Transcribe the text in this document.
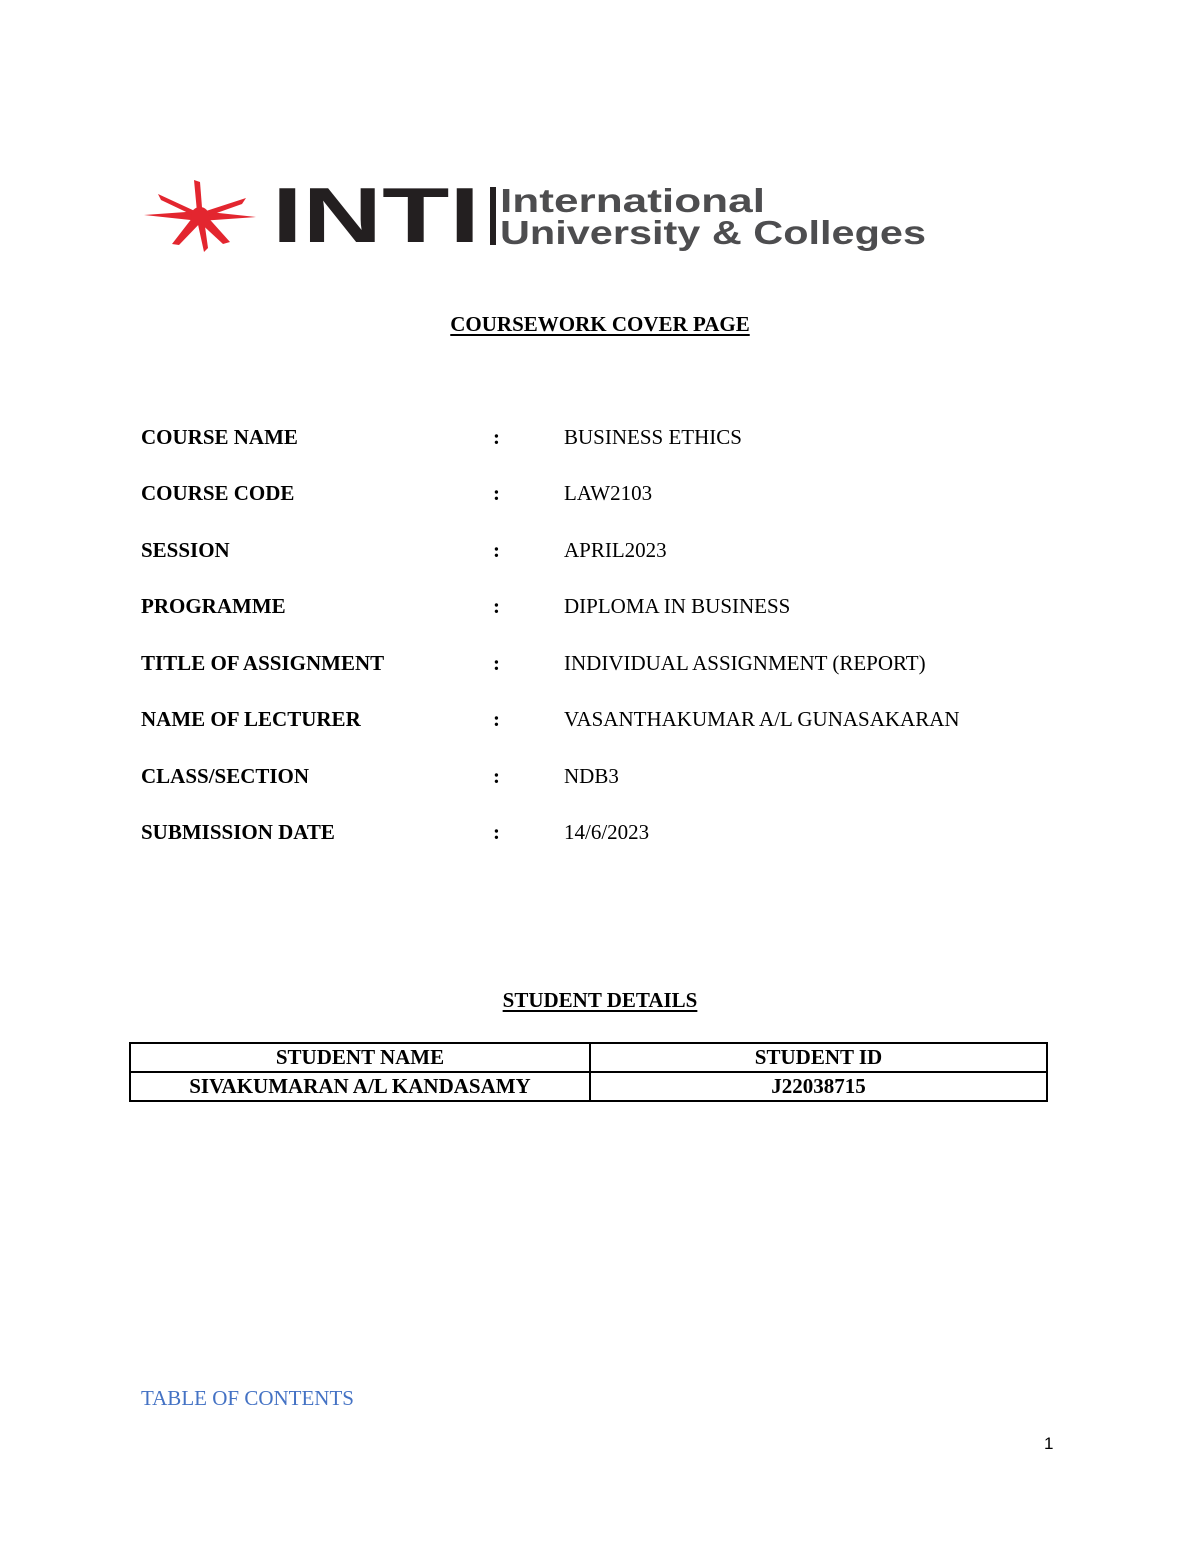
INTI International
University & Colleges
COURSEWORK COVER PAGE
COURSE NAME	:	BUSINESS ETHICS
COURSE CODE	:	LAW2103
SESSION	:	APRIL2023
PROGRAMME	:	DIPLOMA IN BUSINESS
TITLE OF ASSIGNMENT	:	INDIVIDUAL ASSIGNMENT (REPORT)
NAME OF LECTURER	:	VASANTHAKUMAR A/L GUNASAKARAN
CLASS/SECTION	:	NDB3
SUBMISSION DATE	:	14/6/2023
STUDENT DETAILS
STUDENT NAME	STUDENT ID
SIVAKUMARAN A/L KANDASAMY	J22038715
TABLE OF CONTENTS
1
